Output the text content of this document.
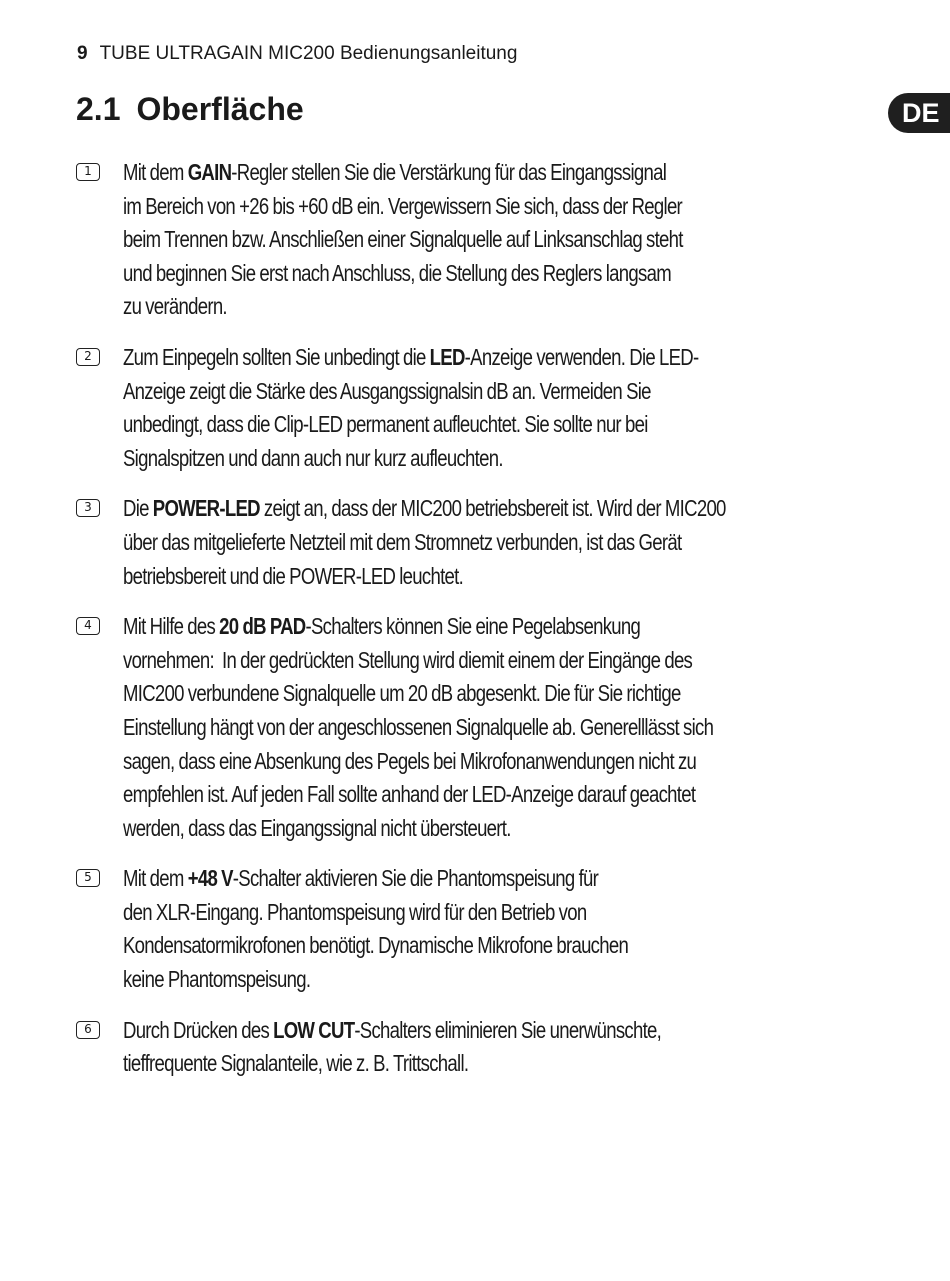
9 TUBE ULTRAGAIN MIC200 Bedienungsanleitung
DE
2.1 Oberfläche
1	Mit dem GAIN-Regler stellen Sie die Verstärkung für das Eingangssignal
im Bereich von +26 bis +60 dB ein. Vergewissern Sie sich, dass der Regler
beim Trennen bzw. Anschließen einer Signalquelle auf Linksanschlag steht
und beginnen Sie erst nach Anschluss, die Stellung des Reglers langsam
zu verändern.
2	Zum Einpegeln sollten Sie unbedingt die LED-Anzeige verwenden. Die LED-
Anzeige zeigt die Stärke des Ausgangssignalsin dB an. Vermeiden Sie
unbedingt, dass die Clip-LED permanent aufleuchtet. Sie sollte nur bei
Signalspitzen und dann auch nur kurz aufleuchten.
3	Die POWER-LED zeigt an, dass der MIC200 betriebsbereit ist. Wird der MIC200
über das mitgelieferte Netzteil mit dem Stromnetz verbunden, ist das Gerät
betriebsbereit und die POWER-LED leuchtet.
4	Mit Hilfe des 20 dB PAD-Schalters können Sie eine Pegelabsenkung
vornehmen:  In der gedrückten Stellung wird diemit einem der Eingänge des
MIC200 verbundene Signalquelle um 20 dB abgesenkt. Die für Sie richtige
Einstellung hängt von der angeschlossenen Signalquelle ab. Generelllässt sich
sagen, dass eine Absenkung des Pegels bei Mikrofonanwendungen nicht zu
empfehlen ist. Auf jeden Fall sollte anhand der LED-Anzeige darauf geachtet
werden, dass das Eingangssignal nicht übersteuert.
5	Mit dem +48 V-Schalter aktivieren Sie die Phantomspeisung für
den XLR-Eingang. Phantomspeisung wird für den Betrieb von
Kondensatormikrofonen benötigt. Dynamische Mikrofone brauchen
keine Phantomspeisung.
6	Durch Drücken des LOW CUT-Schalters eliminieren Sie unerwünschte,
tieffrequente Signalanteile, wie z. B. Trittschall.
